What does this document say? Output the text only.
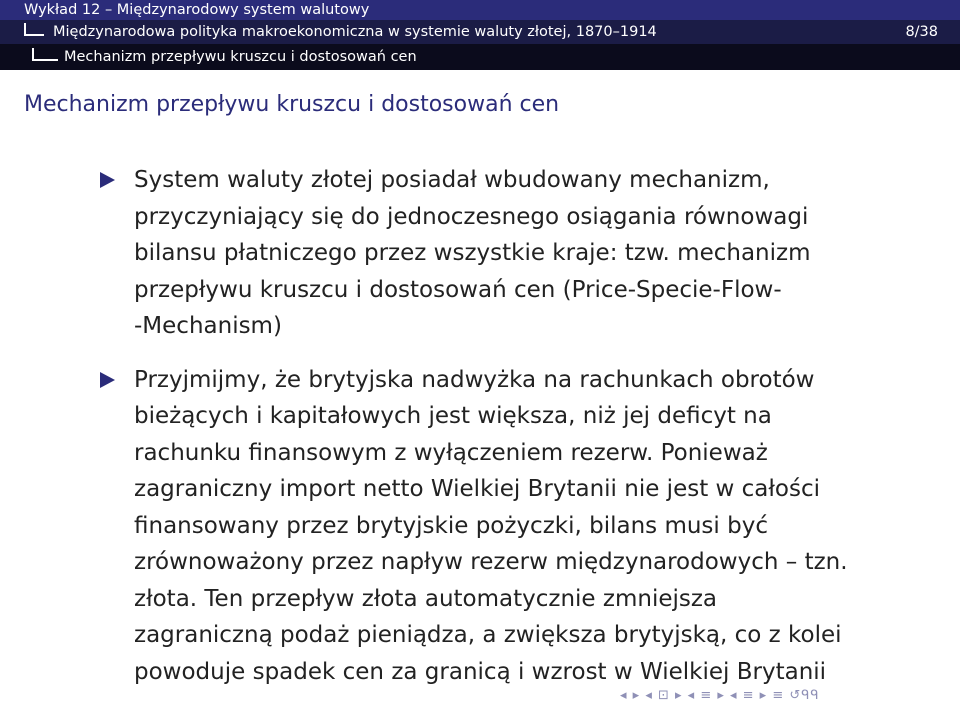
Wykład 12 – Międzynarodowy system walutowy
Międzynarodowa polityka makroekonomiczna w systemie waluty złotej, 1870–1914	8/38
Mechanizm przepływu kruszcu i dostosowań cen
Mechanizm przepływu kruszcu i dostosowań cen
System waluty złotej posiadał wbudowany mechanizm,
przyczyniający się do jednoczesnego osiągania równowagi
bilansu płatniczego przez wszystkie kraje: tzw. mechanizm
przepływu kruszcu i dostosowań cen (Price-Specie-Flow-
-Mechanism)
Przyjmijmy, że brytyjska nadwyżka na rachunkach obrotów
bieżących i kapitałowych jest większa, niż jej deficyt na
rachunku finansowym z wyłączeniem rezerw. Ponieważ
zagraniczny import netto Wielkiej Brytanii nie jest w całości
finansowany przez brytyjskie pożyczki, bilans musi być
zrównoważony przez napływ rezerw międzynarodowych – tzn.
złota. Ten przepływ złota automatycznie zmniejsza
zagraniczną podaż pieniądza, a zwiększa brytyjską, co z kolei
powoduje spadek cen za granicą i wzrost w Wielkiej Brytanii
◂ ▸ ◂ ⊡ ▸ ◂ ≡ ▸ ◂ ≡ ▸ ≡ ↺ᑫᑫ
